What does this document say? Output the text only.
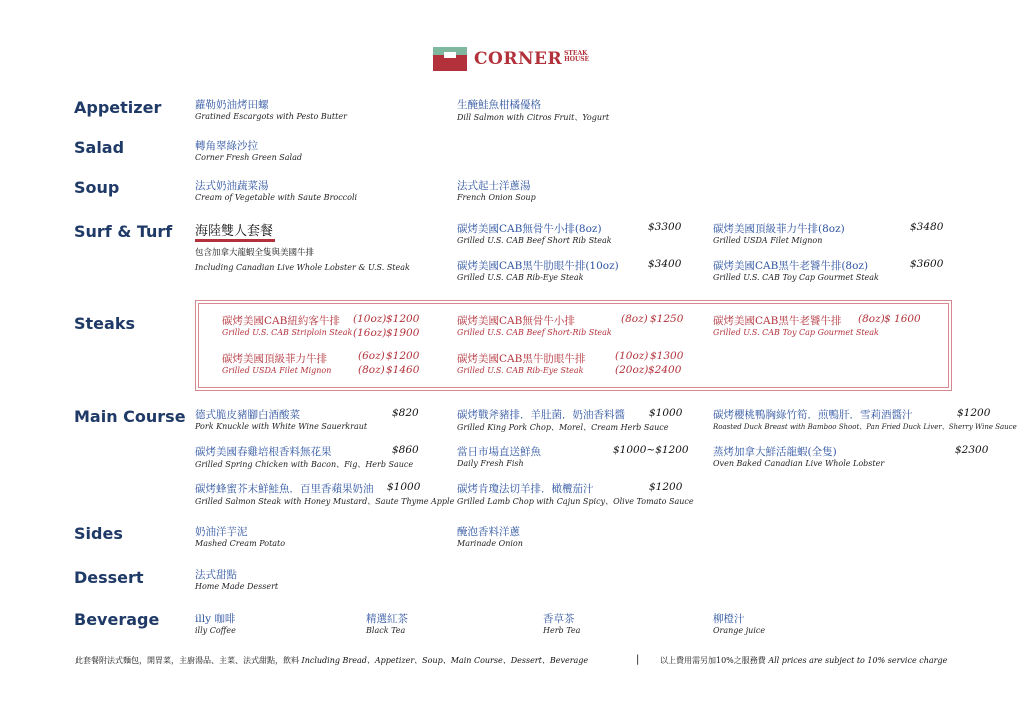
CORNER STEAK
HOUSE
Appetizer
Salad
Soup
Surf & Turf
Steaks
Main Course
Sides
Dessert
Beverage
蘿勒奶油烤田螺
Gratined Escargots with Pesto Butter
生醃鮭魚柑橘優格
Dill Salmon with Citros Fruit、Yogurt
轉角翠綠沙拉
Corner Fresh Green Salad
法式奶油蔬菜湯
Cream of Vegetable with Saute Broccoli
法式起士洋蔥湯
French Onion Soup
海陸雙人套餐
包含加拿大龍蝦全隻與美國牛排
Including Canadian Live Whole Lobster & U.S. Steak
碳烤美國CAB無骨牛小排(8oz)
Grilled U.S. CAB Beef Short Rib Steak
$3300
碳烤美國CAB黑牛肋眼牛排(10oz)
Grilled U.S. CAB Rib-Eye Steak
$3400
碳烤美國頂級菲力牛排(8oz)
Grilled USDA Filet Mignon
$3480
碳烤美國CAB黑牛老饕牛排(8oz)
Grilled U.S. CAB Toy Cap Gourmet Steak
$3600
碳烤美國CAB紐約客牛排
Grilled U.S. CAB Striploin Steak
(10oz) $1200
(16oz) $1900
碳烤美國頂級菲力牛排
Grilled USDA Filet Mignon
(6oz) $1200
(8oz) $1460
碳烤美國CAB無骨牛小排
Grilled U.S. CAB Beef Short-Rib Steak
(8oz) $1250
碳烤美國CAB黑牛肋眼牛排
Grilled U.S. CAB Rib-Eye Steak
(10oz) $1300
(20oz) $2400
碳烤美國CAB黑牛老饕牛排
Grilled U.S. CAB Toy Cap Gourmet Steak
(8oz) $ 1600
德式脆皮豬腳白酒酸菜
Pork Knuckle with White Wine Sauerkraut
$820
碳烤美國春雞培根香料無花果
Grilled Spring Chicken with Bacon、Fig、Herb Sauce
$860
碳烤蜂蜜芥末鮮鮭魚．百里香蘋果奶油
Grilled Salmon Steak with Honey Mustard、Saute Thyme Apple
$1000
碳烤戰斧豬排．羊肚菌．奶油香料醬
Grilled King Pork Chop、Morel、Cream Herb Sauce
$1000
當日市場直送鮮魚
Daily Fresh Fish
$1000~$1200
碳烤肯瓊法切羊排．橄欖茄汁
Grilled Lamb Chop with Cajun Spicy、Olive Tomato Sauce
$1200
碳烤櫻桃鴨胸綠竹筍．煎鴨肝．雪莉酒醬汁
Roasted Duck Breast with Bamboo Shoot、Pan Fried Duck Liver、Sherry Wine Sauce
$1200
蒸烤加拿大鮮活龍蝦(全隻)
Oven Baked Canadian Live Whole Lobster
$2300
奶油洋芋泥
Mashed Cream Potato
醃泡香料洋蔥
Marinade Onion
法式甜點
Home Made Dessert
illy 咖啡
illy Coffee
精選紅茶
Black Tea
香草茶
Herb Tea
柳橙汁
Orange juice
此套餐附法式麵包，開胃菜，主廚湯品、主菜、法式甜點，飲料 Including Bread、Appetizer、Soup、Main Course、Dessert、Beverage	|	以上費用需另加10%之服務費 All prices are subject to 10% service charge
